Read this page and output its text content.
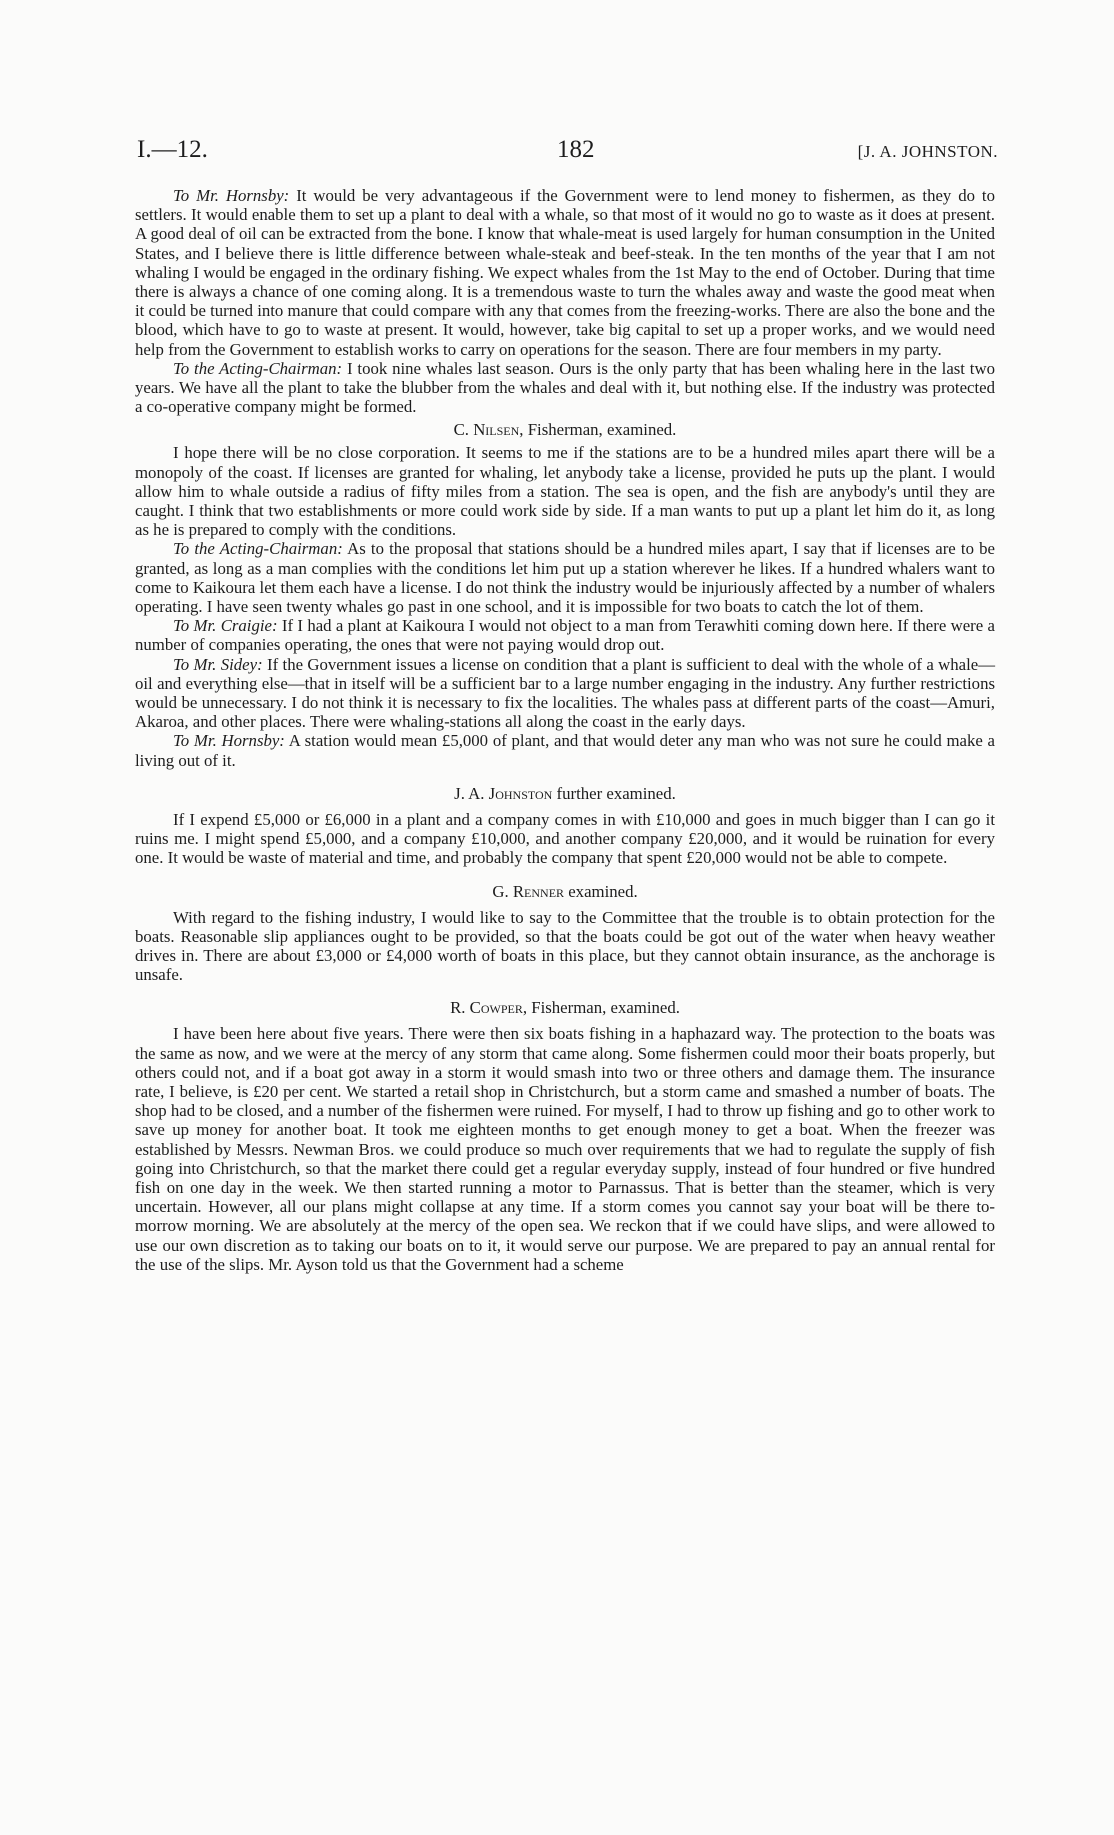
I.—12.	182	[J. A. JOHNSTON.

To Mr. Hornsby: It would be very advantageous if the Government were to lend money to fishermen, as they do to settlers. It would enable them to set up a plant to deal with a whale, so that most of it would no go to waste as it does at present. A good deal of oil can be extracted from the bone. I know that whale-meat is used largely for human consumption in the United States, and I believe there is little difference between whale-steak and beef-steak. In the ten months of the year that I am not whaling I would be engaged in the ordinary fishing. We expect whales from the 1st May to the end of October. During that time there is always a chance of one coming along. It is a tremendous waste to turn the whales away and waste the good meat when it could be turned into manure that could compare with any that comes from the freezing-works. There are also the bone and the blood, which have to go to waste at present. It would, however, take big capital to set up a proper works, and we would need help from the Government to establish works to carry on operations for the season. There are four members in my party.

To the Acting-Chairman: I took nine whales last season. Ours is the only party that has been whaling here in the last two years. We have all the plant to take the blubber from the whales and deal with it, but nothing else. If the industry was protected a co-operative company might be formed.

C. Nilsen, Fisherman, examined.

I hope there will be no close corporation. It seems to me if the stations are to be a hundred miles apart there will be a monopoly of the coast. If licenses are granted for whaling, let anybody take a license, provided he puts up the plant. I would allow him to whale outside a radius of fifty miles from a station. The sea is open, and the fish are anybody's until they are caught. I think that two establishments or more could work side by side. If a man wants to put up a plant let him do it, as long as he is prepared to comply with the conditions.

To the Acting-Chairman: As to the proposal that stations should be a hundred miles apart, I say that if licenses are to be granted, as long as a man complies with the conditions let him put up a station wherever he likes. If a hundred whalers want to come to Kaikoura let them each have a license. I do not think the industry would be injuriously affected by a number of whalers operating. I have seen twenty whales go past in one school, and it is impossible for two boats to catch the lot of them.

To Mr. Craigie: If I had a plant at Kaikoura I would not object to a man from Terawhiti coming down here. If there were a number of companies operating, the ones that were not paying would drop out.

To Mr. Sidey: If the Government issues a license on condition that a plant is sufficient to deal with the whole of a whale—oil and everything else—that in itself will be a sufficient bar to a large number engaging in the industry. Any further restrictions would be unnecessary. I do not think it is necessary to fix the localities. The whales pass at different parts of the coast—Amuri, Akaroa, and other places. There were whaling-stations all along the coast in the early days.

To Mr. Hornsby: A station would mean £5,000 of plant, and that would deter any man who was not sure he could make a living out of it.

J. A. Johnston further examined.

If I expend £5,000 or £6,000 in a plant and a company comes in with £10,000 and goes in much bigger than I can go it ruins me. I might spend £5,000, and a company £10,000, and another company £20,000, and it would be ruination for every one. It would be waste of material and time, and probably the company that spent £20,000 would not be able to compete.

G. Renner examined.

With regard to the fishing industry, I would like to say to the Committee that the trouble is to obtain protection for the boats. Reasonable slip appliances ought to be provided, so that the boats could be got out of the water when heavy weather drives in. There are about £3,000 or £4,000 worth of boats in this place, but they cannot obtain insurance, as the anchorage is unsafe.

R. Cowper, Fisherman, examined.

I have been here about five years. There were then six boats fishing in a haphazard way. The protection to the boats was the same as now, and we were at the mercy of any storm that came along. Some fishermen could moor their boats properly, but others could not, and if a boat got away in a storm it would smash into two or three others and damage them. The insurance rate, I believe, is £20 per cent. We started a retail shop in Christchurch, but a storm came and smashed a number of boats. The shop had to be closed, and a number of the fishermen were ruined. For myself, I had to throw up fishing and go to other work to save up money for another boat. It took me eighteen months to get enough money to get a boat. When the freezer was established by Messrs. Newman Bros. we could produce so much over requirements that we had to regulate the supply of fish going into Christchurch, so that the market there could get a regular everyday supply, instead of four hundred or five hundred fish on one day in the week. We then started running a motor to Parnassus. That is better than the steamer, which is very uncertain. However, all our plans might collapse at any time. If a storm comes you cannot say your boat will be there to-morrow morning. We are absolutely at the mercy of the open sea. We reckon that if we could have slips, and were allowed to use our own discretion as to taking our boats on to it, it would serve our purpose. We are prepared to pay an annual rental for the use of the slips. Mr. Ayson told us that the Government had a scheme
